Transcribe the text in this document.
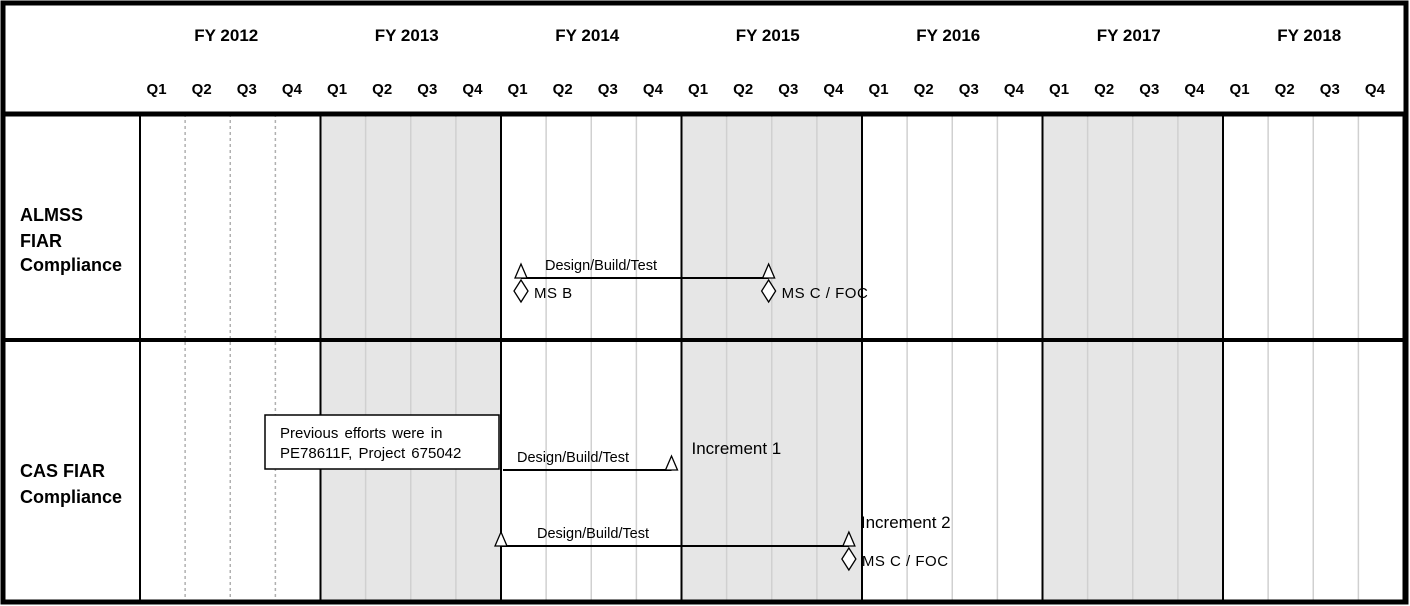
FY 2012
Q1 Q2 Q3 Q4
FY 2013
Q1 Q2 Q3 Q4
FY 2014
Q1 Q2 Q3 Q4
FY 2015
Q1 Q2 Q3 Q4
FY 2016
Q1 Q2 Q3 Q4
FY 2017
Q1 Q2 Q3 Q4
FY 2018
Q1 Q2 Q3 Q4
ALMSS
FIAR
Compliance
CAS FIAR
Compliance
Design/Build/Test
MS B	MS C / FOC
Design/Build/Test	Increment 1
Design/Build/Test
Increment 2
MS C / FOC
Previous efforts were in
PE78611F, Project 675042
